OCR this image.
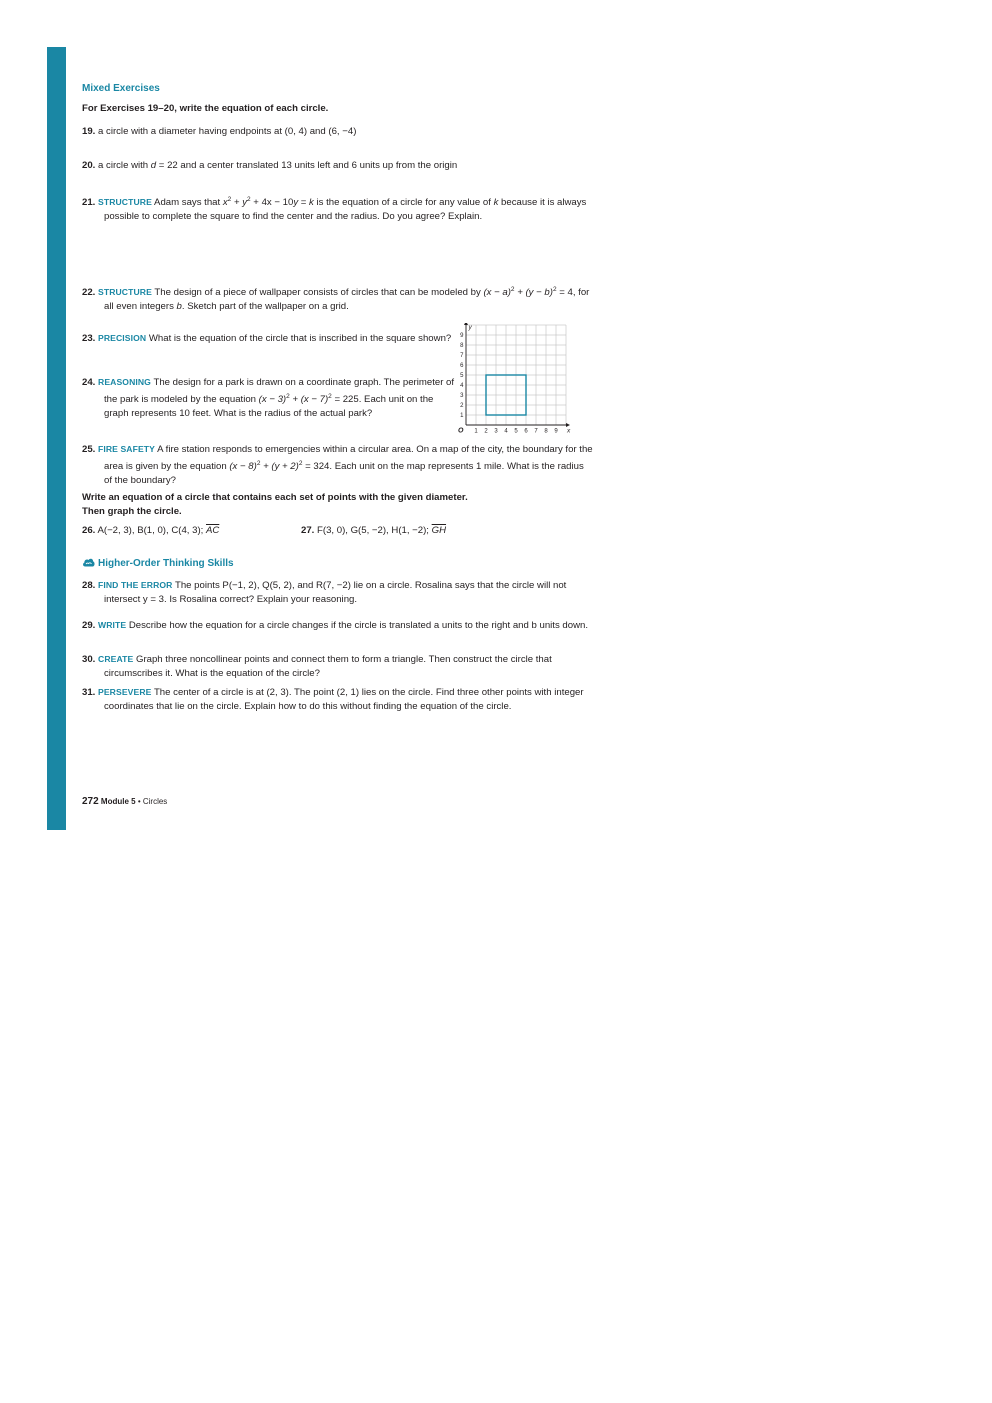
Mixed Exercises
For Exercises 19–20, write the equation of each circle.
19. a circle with a diameter having endpoints at (0, 4) and (6, −4)
20. a circle with d = 22 and a center translated 13 units left and 6 units up from the origin
21. STRUCTURE Adam says that $x^2 + y^2 + 4x - 10y = k$ is the equation of a circle for any value of k because it is always possible to complete the square to find the center and the radius. Do you agree? Explain.
22. STRUCTURE The design of a piece of wallpaper consists of circles that can be modeled by $(x - a)^2 + (y - b)^2 = 4$, for all even integers b. Sketch part of the wallpaper on a grid.
23. PRECISION What is the equation of the circle that is inscribed in the square shown?
24. REASONING The design for a park is drawn on a coordinate graph. The perimeter of the park is modeled by the equation $(x - 3)^2 + (x - 7)^2 = 225$. Each unit on the graph represents 10 feet. What is the radius of the actual park?
25. FIRE SAFETY A fire station responds to emergencies within a circular area. On a map of the city, the boundary for the area is given by the equation $(x - 8)^2 + (y + 2)^2 = 324$. Each unit on the map represents 1 mile. What is the radius of the boundary?
Write an equation of a circle that contains each set of points with the given diameter.
Then graph the circle.
26. A(−2, 3), B(1, 0), C(4, 3); $\overline{AC}$	27. F(3, 0), G(5, −2), H(1, −2); $\overline{GH}$
Higher-Order Thinking Skills
28. FIND THE ERROR The points P(−1, 2), Q(5, 2), and R(7, −2) lie on a circle. Rosalina says that the circle will not intersect y = 3. Is Rosalina correct? Explain your reasoning.
29. WRITE Describe how the equation for a circle changes if the circle is translated a units to the right and b units down.
30. CREATE Graph three noncollinear points and connect them to form a triangle. Then construct the circle that circumscribes it. What is the equation of the circle?
31. PERSEVERE The center of a circle is at (2, 3). The point (2, 1) lies on the circle. Find three other points with integer coordinates that lie on the circle. Explain how to do this without finding the equation of the circle.
1 2 3 4 5 6 7 8 9
1
2
3
4
5
6
7
8
9
O	x
y
272 Module 5 • Circles
